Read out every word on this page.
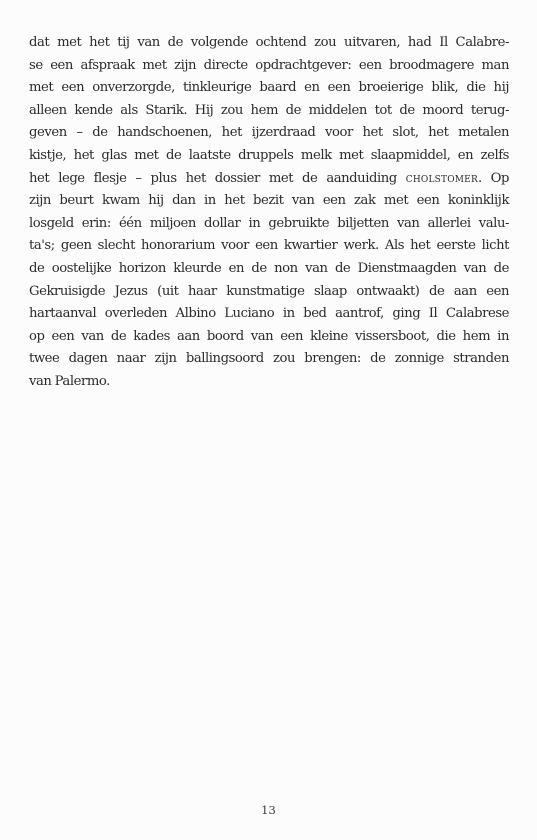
dat met het tij van de volgende ochtend zou uitvaren, had Il Calabre-
se een afspraak met zijn directe opdrachtgever: een broodmagere man
met een onverzorgde, tinkleurige baard en een broeierige blik, die hij
alleen kende als Starik. Hij zou hem de middelen tot de moord terug-
geven – de handschoenen, het ijzerdraad voor het slot, het metalen
kistje, het glas met de laatste druppels melk met slaapmiddel, en zelfs
het lege flesje – plus het dossier met de aanduiding cholstomer. Op
zijn beurt kwam hij dan in het bezit van een zak met een koninklijk
losgeld erin: één miljoen dollar in gebruikte biljetten van allerlei valu-
ta's; geen slecht honorarium voor een kwartier werk. Als het eerste licht
de oostelijke horizon kleurde en de non van de Dienstmaagden van de
Gekruisigde Jezus (uit haar kunstmatige slaap ontwaakt) de aan een
hartaanval overleden Albino Luciano in bed aantrof, ging Il Calabrese
op een van de kades aan boord van een kleine vissersboot, die hem in
twee dagen naar zijn ballingsoord zou brengen: de zonnige stranden
van Palermo.
13
